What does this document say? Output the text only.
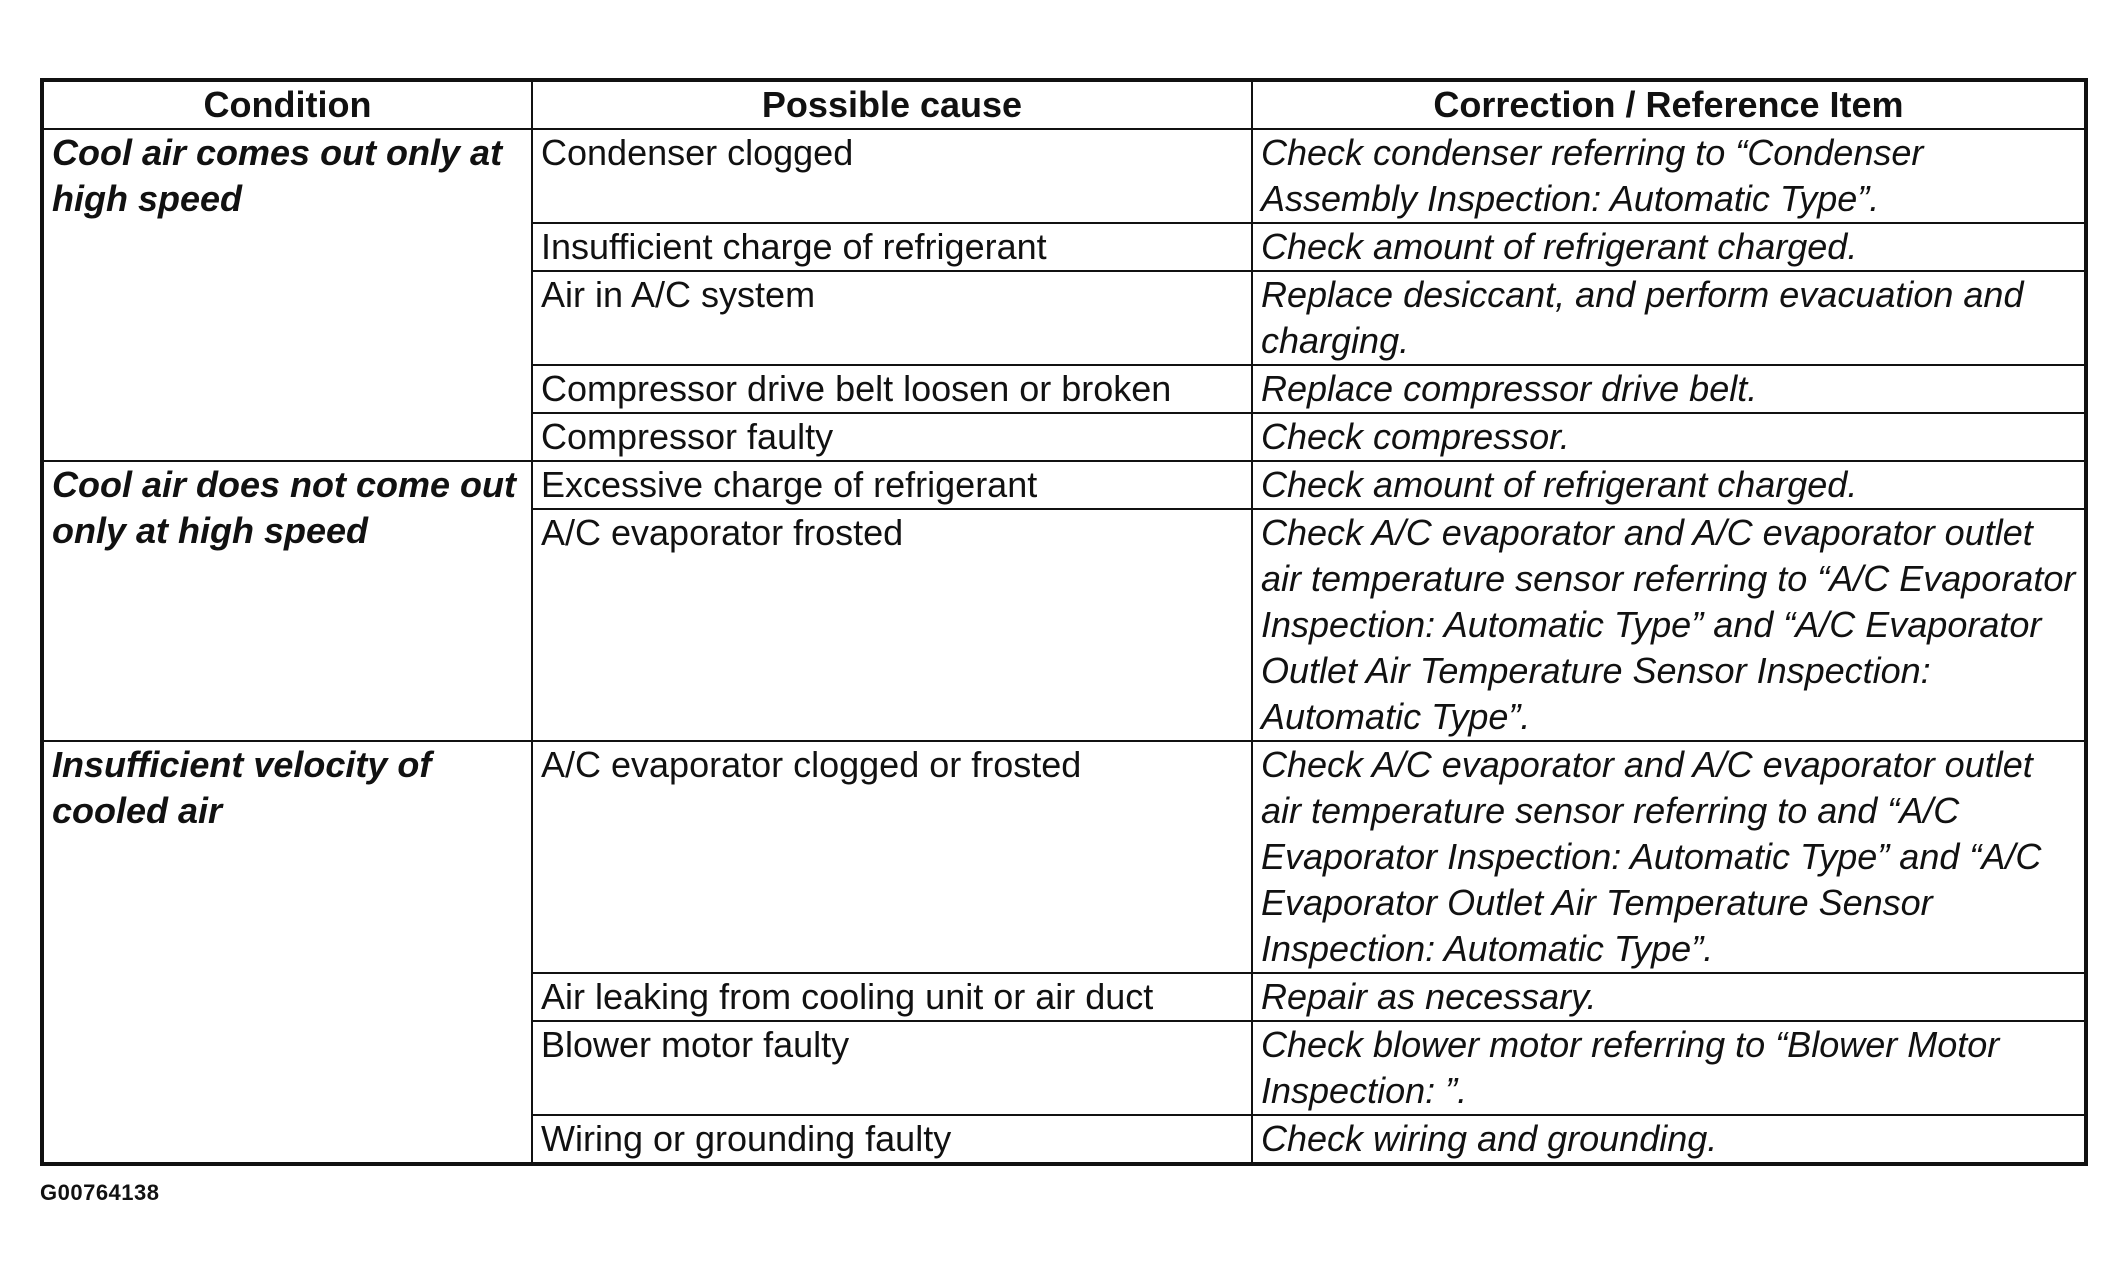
Condition	Possible cause	Correction / Reference Item
Cool air comes out only at high speed	Condenser clogged	Check condenser referring to “Condenser Assembly Inspection: Automatic Type”.
	Insufficient charge of refrigerant	Check amount of refrigerant charged.
	Air in A/C system	Replace desiccant, and perform evacuation and charging.
	Compressor drive belt loosen or broken	Replace compressor drive belt.
	Compressor faulty	Check compressor.
Cool air does not come out only at high speed	Excessive charge of refrigerant	Check amount of refrigerant charged.
	A/C evaporator frosted	Check A/C evaporator and A/C evaporator outlet air temperature sensor referring to “A/C Evaporator Inspection: Automatic Type” and “A/C Evaporator Outlet Air Temperature Sensor Inspection: Automatic Type”.
Insufficient velocity of cooled air	A/C evaporator clogged or frosted	Check A/C evaporator and A/C evaporator outlet air temperature sensor referring to and “A/C Evaporator Inspection: Automatic Type” and “A/C Evaporator Outlet Air Temperature Sensor Inspection: Automatic Type”.
	Air leaking from cooling unit or air duct	Repair as necessary.
	Blower motor faulty	Check blower motor referring to “Blower Motor Inspection: ”.
	Wiring or grounding faulty	Check wiring and grounding.
G00764138
